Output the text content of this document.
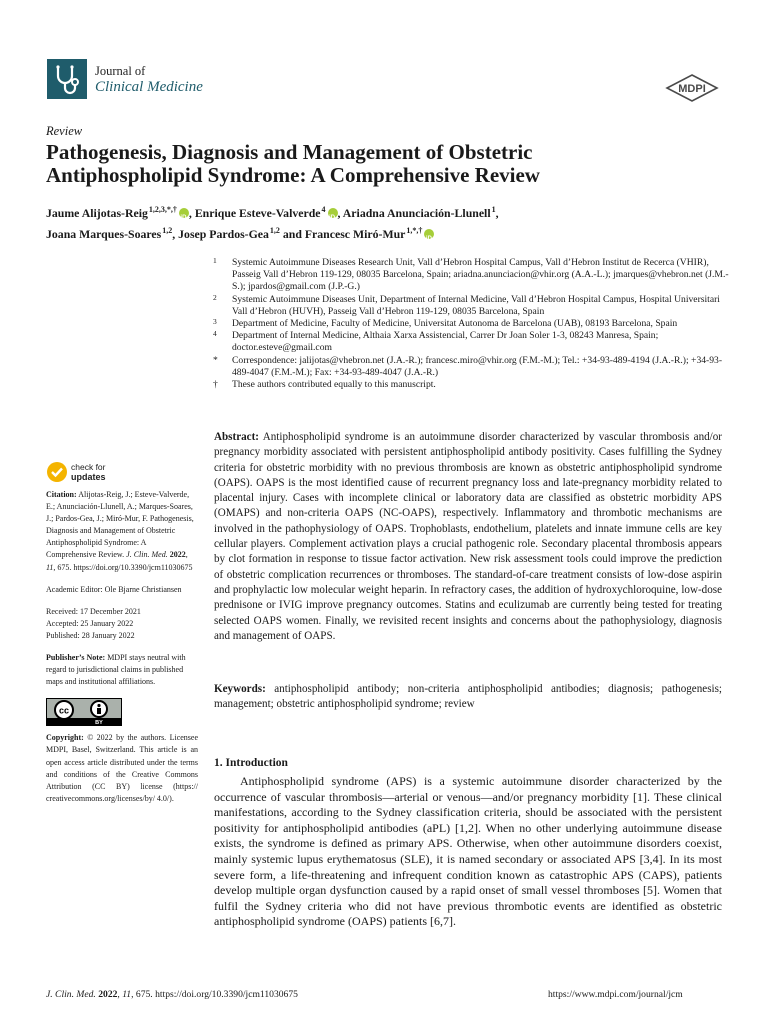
Journal of
Clinical Medicine	MDPI
Review
Pathogenesis, Diagnosis and Management of Obstetric Antiphospholipid Syndrome: A Comprehensive Review
Jaume Alijotas-Reig $^{1,2,3,*,\dagger}$ iD , Enrique Esteve-Valverde $^4$ iD , Ariadna Anunciación-Llunell $^1$,
Joana Marques-Soares $^{1,2}$, Josep Pardos-Gea $^{1,2}$ and Francesc Miró-Mur $^{1,*,\dagger}$iD
1 Systemic Autoimmune Diseases Research Unit, Vall d’Hebron Hospital Campus, Vall d’Hebron Institut de Recerca (VHIR), Passeig Vall d’Hebron 119-129, 08035 Barcelona, Spain; ariadna.anunciacion@vhir.org (A.A.-L.); jmarques@vhebron.net (J.M.-S.); jpardos@gmail.com (J.P.-G.)
2 Systemic Autoimmune Diseases Unit, Department of Internal Medicine, Vall d’Hebron Hospital Campus, Hospital Universitari Vall d’Hebron (HUVH), Passeig Vall d’Hebron 119-129, 08035 Barcelona, Spain
3 Department of Medicine, Faculty of Medicine, Universitat Autonoma de Barcelona (UAB), 08193 Barcelona, Spain
4 Department of Internal Medicine, Althaia Xarxa Assistencial, Carrer Dr Joan Soler 1-3, 08243 Manresa, Spain; doctor.esteve@gmail.com
* Correspondence: jalijotas@vhebron.net (J.A.-R.); francesc.miro@vhir.org (F.M.-M.); Tel.: +34-93-489-4194 (J.A.-R.); +34-93-489-4047 (F.M.-M.); Fax: +34-93-489-4047 (J.A.-R.)
† These authors contributed equally to this manuscript.
Abstract: Antiphospholipid syndrome is an autoimmune disorder characterized by vascular thrombosis and/or pregnancy morbidity associated with persistent antiphospholipid antibody positivity. Cases fulfilling the Sydney criteria for obstetric morbidity with no previous thrombosis are known as obstetric antiphospholipid syndrome (OAPS). OAPS is the most identified cause of recurrent pregnancy loss and late-pregnancy morbidity related to placental injury. Cases with incomplete clinical or laboratory data are classified as obstetric morbidity APS (OMAPS) and non-criteria OAPS (NC-OAPS), respectively. Inflammatory and thrombotic mechanisms are involved in the pathophysiology of OAPS. Trophoblasts, endothelium, platelets and innate immune cells are key cellular players. Complement activation plays a crucial pathogenic role. Secondary placental thrombosis appears by clot formation in response to tissue factor activation. New risk assessment tools could improve the prediction of obstetric complication recurrences or thromboses. The standard-of-care treatment consists of low-dose aspirin and prophylactic low molecular weight heparin. In refractory cases, the addition of hydroxychloroquine, low-dose prednisone or IVIG improve pregnancy outcomes. Statins and eculizumab are currently being tested for treating selected OAPS women. Finally, we revisited recent insights and concerns about the pathophysiology, diagnosis and management of OAPS.
Keywords: antiphospholipid antibody; non-criteria antiphospholipid antibodies; diagnosis; pathogenesis; management; obstetric antiphospholipid syndrome; review
check for
updates
Citation: Alijotas-Reig, J.; Esteve-Valverde, E.; Anunciación-Llunell, A.; Marques-Soares, J.; Pardos-Gea, J.; Miró-Mur, F. Pathogenesis, Diagnosis and Management of Obstetric Antiphospholipid Syndrome: A Comprehensive Review. J. Clin. Med. 2022, 11, 675. https://doi.org/10.3390/jcm11030675
Academic Editor: Ole Bjarne Christiansen
Received: 17 December 2021
Accepted: 25 January 2022
Published: 28 January 2022
Publisher’s Note: MDPI stays neutral with regard to jurisdictional claims in published maps and institutional affiliations.
cc
BY
Copyright: © 2022 by the authors. Licensee MDPI, Basel, Switzerland. This article is an open access article distributed under the terms and conditions of the Creative Commons Attribution (CC BY) license (https:// creativecommons.org/licenses/by/ 4.0/).
1. Introduction
Antiphospholipid syndrome (APS) is a systemic autoimmune disorder characterized by the occurrence of vascular thrombosis—arterial or venous—and/or pregnancy morbidity [1]. These clinical manifestations, according to the Sydney classification criteria, should be associated with the persistent positivity for antiphospholipid antibodies (aPL) [1,2]. When no other underlying autoimmune disease exists, the syndrome is defined as primary APS. Otherwise, when other autoimmune disorders coexist, mainly systemic lupus erythematosus (SLE), it is named secondary or associated APS [3,4]. In its most severe form, a life-threatening and infrequent condition known as catastrophic APS (CAPS), patients develop multiple organ dysfunction caused by a rapid onset of small vessel thromboses [5]. Women that fulfil the Sydney criteria who did not have previous thrombotic events are identified as obstetric antiphospholipid syndrome (OAPS) patients [6,7].
J. Clin. Med. 2022, 11, 675. https://doi.org/10.3390/jcm11030675	https://www.mdpi.com/journal/jcm
